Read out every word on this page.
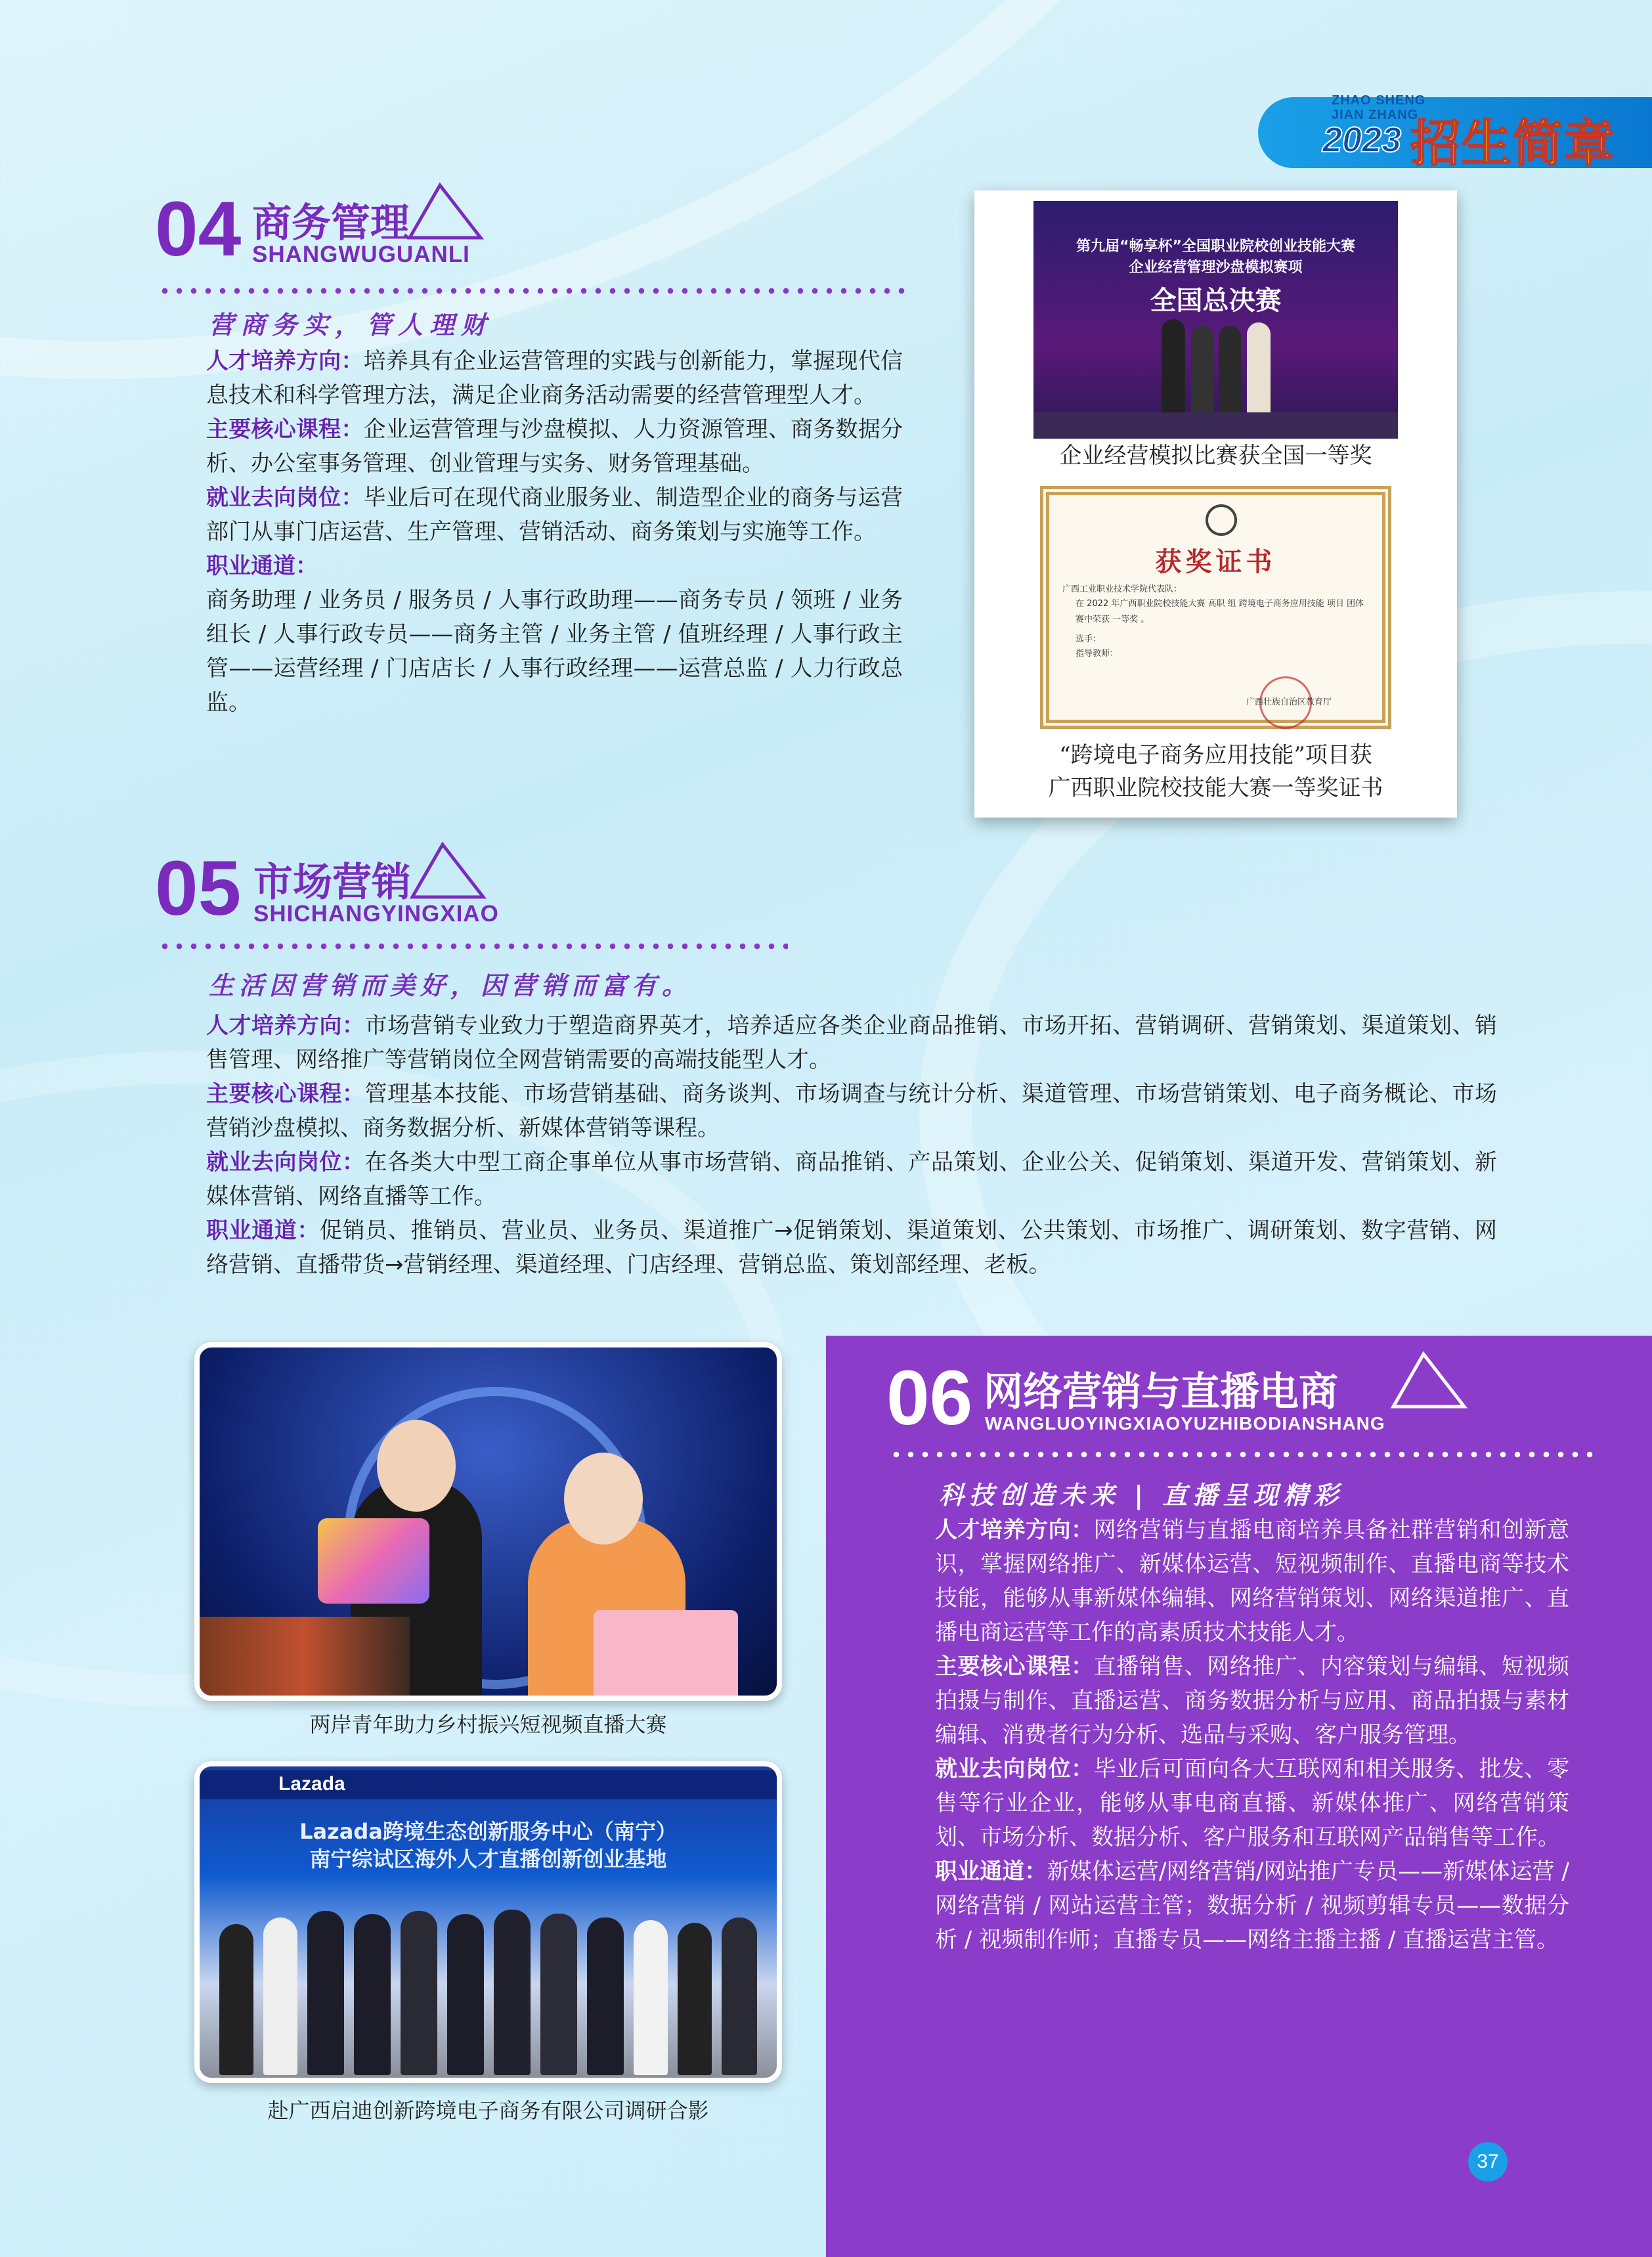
ZHAO SHENG
JIAN ZHANG
2023 招生简章
04 商务管理
SHANGWUGUANLI
营商务实，管人理财

人才培养方向：培养具有企业运营管理的实践与创新能力，掌握现代信息技术和科学管理方法，满足企业商务活动需要的经营管理型人才。

主要核心课程：企业运营管理与沙盘模拟、人力资源管理、商务数据分析、办公室事务管理、创业管理与实务、财务管理基础。

就业去向岗位：毕业后可在现代商业服务业、制造型企业的商务与运营部门从事门店运营、生产管理、营销活动、商务策划与实施等工作。

职业通道：

商务助理 / 业务员 / 服务员 / 人事行政助理——商务专员 / 领班 / 业务组长 / 人事行政专员——商务主管 / 业务主管 / 值班经理 / 人事行政主管——运营经理 / 门店店长 / 人事行政经理——运营总监 / 人力行政总监。

第九届“畅享杯”全国职业院校创业技能大赛
企业经营管理沙盘模拟赛项
全国总决赛
企业经营模拟比赛获全国一等奖
获奖证书
广西工业职业技术学院代表队：
在 2022 年广西职业院校技能大赛 高职 组 跨境电子商务应用技能 项目 团体 赛中荣获 一等奖 。
选手：
指导教师：
广西壮族自治区教育厅
“跨境电子商务应用技能”项目获
广西职业院校技能大赛一等奖证书
05 市场营销
SHICHANGYINGXIAO
生活因营销而美好，因营销而富有。

人才培养方向：市场营销专业致力于塑造商界英才，培养适应各类企业商品推销、市场开拓、营销调研、营销策划、渠道策划、销售管理、网络推广等营销岗位全网营销需要的高端技能型人才。

主要核心课程：管理基本技能、市场营销基础、商务谈判、市场调查与统计分析、渠道管理、市场营销策划、电子商务概论、市场营销沙盘模拟、商务数据分析、新媒体营销等课程。

就业去向岗位：在各类大中型工商企事单位从事市场营销、商品推销、产品策划、企业公关、促销策划、渠道开发、营销策划、新媒体营销、网络直播等工作。

职业通道：促销员、推销员、营业员、业务员、渠道推广→促销策划、渠道策划、公共策划、市场推广、调研策划、数字营销、网络营销、直播带货→营销经理、渠道经理、门店经理、营销总监、策划部经理、老板。

两岸青年助力乡村振兴短视频直播大赛
Lazada
Lazada跨境生态创新服务中心（南宁）
南宁综试区海外人才直播创新创业基地
赴广西启迪创新跨境电子商务有限公司调研合影
06 网络营销与直播电商
WANGLUOYINGXIAOYUZHIBODIANSHANG
科技创造未来 | 直播呈现精彩

人才培养方向：网络营销与直播电商培养具备社群营销和创新意识，掌握网络推广、新媒体运营、短视频制作、直播电商等技术技能，能够从事新媒体编辑、网络营销策划、网络渠道推广、直播电商运营等工作的高素质技术技能人才。

主要核心课程：直播销售、网络推广、内容策划与编辑、短视频拍摄与制作、直播运营、商务数据分析与应用、商品拍摄与素材编辑、消费者行为分析、选品与采购、客户服务管理。

就业去向岗位：毕业后可面向各大互联网和相关服务、批发、零售等行业企业，能够从事电商直播、新媒体推广、网络营销策划、市场分析、数据分析、客户服务和互联网产品销售等工作。

职业通道：新媒体运营/网络营销/网站推广专员——新媒体运营 / 网络营销 / 网站运营主管；数据分析 / 视频剪辑专员——数据分析 / 视频制作师；直播专员——网络主播主播 / 直播运营主管。

37
